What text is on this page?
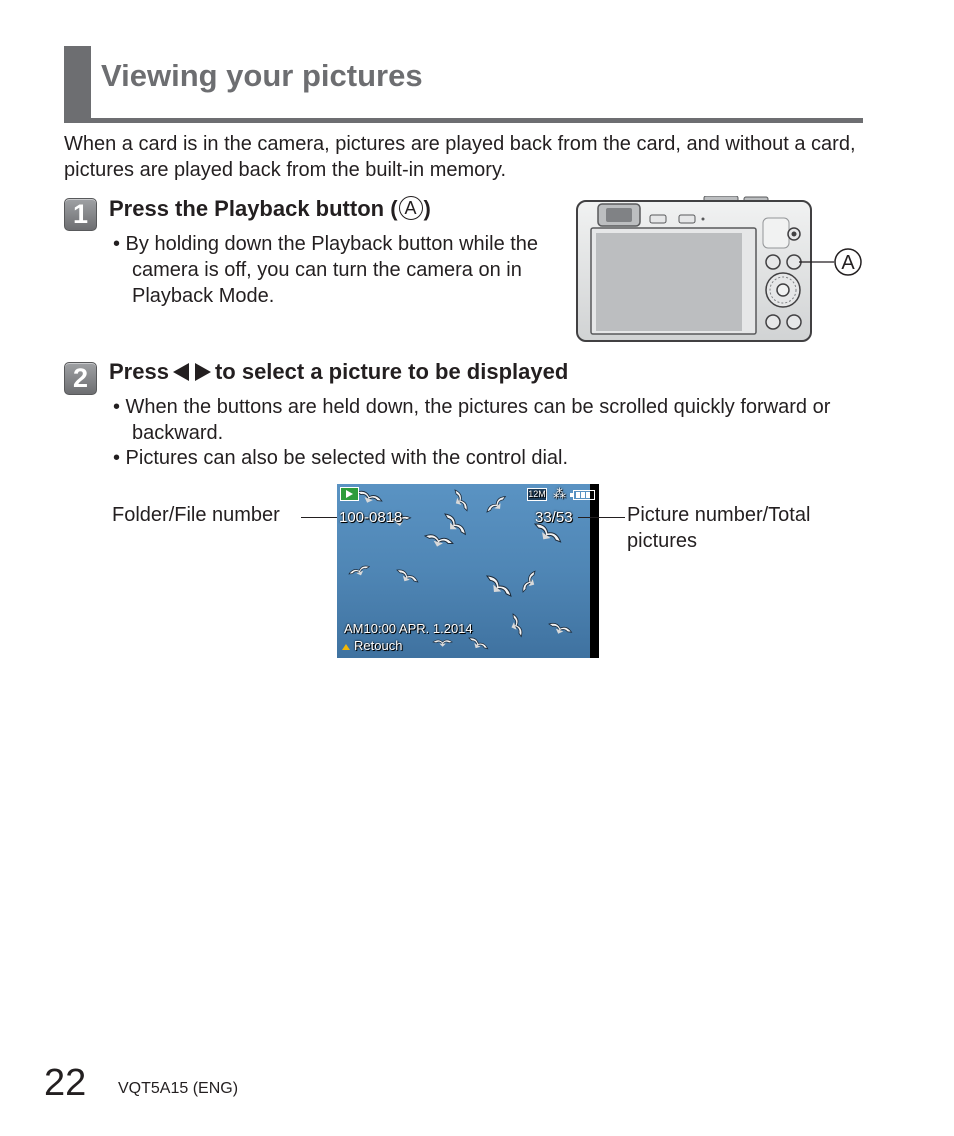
Viewing your pictures
When a card is in the camera, pictures are played back from the card, and without a card, pictures are played back from the built-in memory.
1 Press the Playback button ( A )
• By holding down the Playback button while the camera is off, you can turn the camera on in Playback Mode.
A
2 Press to select a picture to be displayed
• When the buttons are held down, the pictures can be scrolled quickly forward or backward.
• Pictures can also be selected with the control dial.
Folder/File number
12M ⁂
100-0818	33/53
AM10:00 APR. 1.2014
Retouch
Picture number/Total pictures
22 VQT5A15 (ENG)
